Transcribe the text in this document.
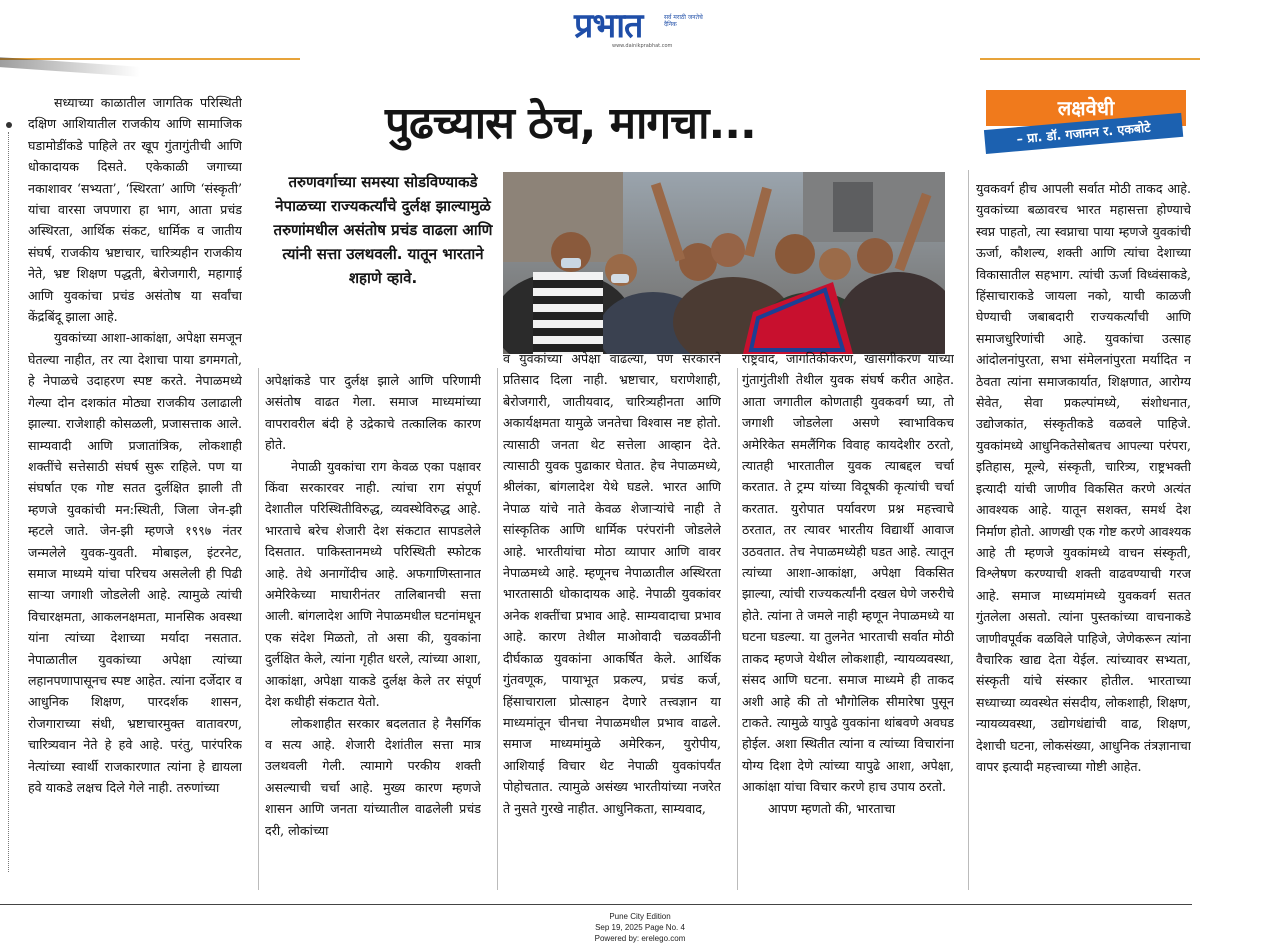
प्रभात	सर्व मराठी जनतेचे दैनिक
www.dainikprabhat.com
पुढच्यास ठेच, मागचा...	लक्षवेधी
– प्रा. डॉ. गजानन र. एकबोटे
तरुणवर्गाच्या समस्या सोडविण्याकडे नेपाळच्या राज्यकर्त्यांचे दुर्लक्ष झाल्यामुळे तरुणांमधील असंतोष प्रचंड वाढला आणि त्यांनी सत्ता उलथवली. यातून भारताने शहाणे व्हावे.

सध्याच्या काळातील जागतिक परिस्थिती दक्षिण आशियातील राजकीय आणि सामाजिक घडामोडींकडे पाहिले तर खूप गुंतागुंतीची आणि धोकादायक दिसते. एकेकाळी जगाच्या नकाशावर ‘सभ्यता’, ‘स्थिरता’ आणि ‘संस्कृती’ यांचा वारसा जपणारा हा भाग, आता प्रचंड अस्थिरता, आर्थिक संकट, धार्मिक व जातीय संघर्ष, राजकीय भ्रष्टाचार, चारित्र्यहीन राजकीय नेते, भ्रष्ट शिक्षण पद्धती, बेरोजगारी, महागाई आणि युवकांचा प्रचंड असंतोष या सर्वांचा केंद्रबिंदू झाला आहे.

युवकांच्या आशा-आकांक्षा, अपेक्षा समजून घेतल्या नाहीत, तर त्या देशाचा पाया डगमगतो, हे नेपाळचे उदाहरण स्पष्ट करते. नेपाळमध्ये गेल्या दोन दशकांत मोठ्या राजकीय उलाढाली झाल्या. राजेशाही कोसळली, प्रजासत्ताक आले. साम्यवादी आणि प्रजातांत्रिक, लोकशाही शक्तींचे सत्तेसाठी संघर्ष सुरू राहिले. पण या संघर्षात एक गोष्ट सतत दुर्लक्षित झाली ती म्हणजे युवकांची मन:स्थिती, जिला जेन-झी म्हटले जाते. जेन-झी म्हणजे १९९७ नंतर जन्मलेले युवक-युवती. मोबाइल, इंटरनेट, समाज माध्यमे यांचा परिचय असलेली ही पिढी साऱ्या जगाशी जोडलेली आहे. त्यामुळे त्यांची विचारक्षमता, आकलनक्षमता, मानसिक अवस्था यांना त्यांच्या देशाच्या मर्यादा नसतात. नेपाळातील युवकांच्या अपेक्षा त्यांच्या लहानपणापासूनच स्पष्ट आहेत. त्यांना दर्जेदार व आधुनिक शिक्षण, पारदर्शक शासन, रोजगाराच्या संधी, भ्रष्टाचारमुक्त वातावरण, चारित्र्यवान नेते हे हवे आहे. परंतु, पारंपरिक नेत्यांच्या स्वार्थी राजकारणात त्यांना हे द्यायला हवे याकडे लक्षच दिले गेले नाही. तरुणांच्या

अपेक्षांकडे पार दुर्लक्ष झाले आणि परिणामी असंतोष वाढत गेला. समाज माध्यमांच्या वापरावरील बंदी हे उद्रेकाचे तत्कालिक कारण होते.

नेपाळी युवकांचा राग केवळ एका पक्षावर किंवा सरकारवर नाही. त्यांचा राग संपूर्ण देशातील परिस्थितीविरुद्ध, व्यवस्थेविरुद्ध आहे. भारताचे बरेच शेजारी देश संकटात सापडलेले दिसतात. पाकिस्तानमध्ये परिस्थिती स्फोटक आहे. तेथे अनागोंदीच आहे. अफगाणिस्तानात अमेरिकेच्या माघारीनंतर तालिबानची सत्ता आली. बांगलादेश आणि नेपाळमधील घटनांमधून एक संदेश मिळतो, तो असा की, युवकांना दुर्लक्षित केले, त्यांना गृहीत धरले, त्यांच्या आशा, आकांक्षा, अपेक्षा याकडे दुर्लक्ष केले तर संपूर्ण देश कधीही संकटात येतो.

लोकशाहीत सरकार बदलतात हे नैसर्गिक व सत्य आहे. शेजारी देशांतील सत्ता मात्र उलथवली गेली. त्यामागे परकीय शक्ती असल्याची चर्चा आहे. मुख्य कारण म्हणजे शासन आणि जनता यांच्यातील वाढलेली प्रचंड दरी, लोकांच्या

व युवकांच्या अपेक्षा वाढल्या, पण सरकारने प्रतिसाद दिला नाही. भ्रष्टाचार, घराणेशाही, बेरोजगारी, जातीयवाद, चारित्र्यहीनता आणि अकार्यक्षमता यामुळे जनतेचा विश्वास नष्ट होतो. त्यासाठी जनता थेट सत्तेला आव्हान देते. त्यासाठी युवक पुढाकार घेतात. हेच नेपाळमध्ये, श्रीलंका, बांगलादेश येथे घडले. भारत आणि नेपाळ यांचे नाते केवळ शेजाऱ्यांचे नाही ते सांस्कृतिक आणि धार्मिक परंपरांनी जोडलेले आहे. भारतीयांचा मोठा व्यापार आणि वावर नेपाळमध्ये आहे. म्हणूनच नेपाळातील अस्थिरता भारतासाठी धोकादायक आहे. नेपाळी युवकांवर अनेक शक्तींचा प्रभाव आहे. साम्यवादाचा प्रभाव आहे. कारण तेथील माओवादी चळवळींनी दीर्घकाळ युवकांना आकर्षित केले. आर्थिक गुंतवणूक, पायाभूत प्रकल्प, प्रचंड कर्ज, हिंसाचाराला प्रोत्साहन देणारे तत्त्वज्ञान या माध्यमांतून चीनचा नेपाळमधील प्रभाव वाढले. समाज माध्यमांमुळे अमेरिकन, युरोपीय, आशियाई विचार थेट नेपाळी युवकांपर्यंत पोहोचतात. त्यामुळे असंख्य भारतीयांच्या नजरेत ते नुसते गुरखे नाहीत. आधुनिकता, साम्यवाद,

राष्ट्रवाद, जागतिकीकरण, खासगीकरण यांच्या गुंतागुंतीशी तेथील युवक संघर्ष करीत आहेत. आता जगातील कोणताही युवकवर्ग घ्या, तो जगाशी जोडलेला असणे स्वाभाविकच अमेरिकेत समलैंगिक विवाह कायदेशीर ठरतो, त्यातही भारतातील युवक त्याबद्दल चर्चा करतात. ते ट्रम्प यांच्या विदूषकी कृत्यांची चर्चा करतात. युरोपात पर्यावरण प्रश्न महत्त्वाचे ठरतात, तर त्यावर भारतीय विद्यार्थी आवाज उठवतात. तेच नेपाळमध्येही घडत आहे. त्यातून त्यांच्या आशा-आकांक्षा, अपेक्षा विकसित झाल्या, त्यांची राज्यकर्त्यांनी दखल घेणे जरुरीचे होते. त्यांना ते जमले नाही म्हणून नेपाळमध्ये या घटना घडल्या. या तुलनेत भारताची सर्वात मोठी ताकद म्हणजे येथील लोकशाही, न्यायव्यवस्था, संसद आणि घटना. समाज माध्यमे ही ताकद अशी आहे की तो भौगोलिक सीमारेषा पुसून टाकते. त्यामुळे यापुढे युवकांना थांबवणे अवघड होईल. अशा स्थितीत त्यांना व त्यांच्या विचारांना योग्य दिशा देणे त्यांच्या यापुढे आशा, अपेक्षा, आकांक्षा यांचा विचार करणे हाच उपाय ठरतो.

आपण म्हणतो की, भारताचा

युवकवर्ग हीच आपली सर्वात मोठी ताकद आहे. युवकांच्या बळावरच भारत महासत्ता होण्याचे स्वप्न पाहतो, त्या स्वप्नाचा पाया म्हणजे युवकांची ऊर्जा, कौशल्य, शक्ती आणि त्यांचा देशाच्या विकासातील सहभाग. त्यांची ऊर्जा विध्वंसाकडे, हिंसाचाराकडे जायला नको, याची काळजी घेण्याची जबाबदारी राज्यकर्त्यांची आणि समाजधुरिणांची आहे. युवकांचा उत्साह आंदोलनांपुरता, सभा संमेलनांपुरता मर्यादित न ठेवता त्यांना समाजकार्यात, शिक्षणात, आरोग्य सेवेत, सेवा प्रकल्पांमध्ये, संशोधनात, उद्योजकांत, संस्कृतीकडे वळवले पाहिजे. युवकांमध्ये आधुनिकतेसोबतच आपल्या परंपरा, इतिहास, मूल्ये, संस्कृती, चारित्र्य, राष्ट्रभक्ती इत्यादी यांची जाणीव विकसित करणे अत्यंत आवश्यक आहे. यातून सशक्त, समर्थ देश निर्माण होतो. आणखी एक गोष्ट करणे आवश्यक आहे ती म्हणजे युवकांमध्ये वाचन संस्कृती, विश्लेषण करण्याची शक्ती वाढवण्याची गरज आहे. समाज माध्यमांमध्ये युवकवर्ग सतत गुंतलेला असतो. त्यांना पुस्तकांच्या वाचनाकडे जाणीवपूर्वक वळविले पाहिजे, जेणेकरून त्यांना वैचारिक खाद्य देता येईल. त्यांच्यावर सभ्यता, संस्कृती यांचे संस्कार होतील. भारताच्या सध्याच्या व्यवस्थेत संसदीय, लोकशाही, शिक्षण, न्यायव्यवस्था, उद्योगधंद्यांची वाढ, शिक्षण, देशाची घटना, लोकसंख्या, आधुनिक तंत्रज्ञानाचा वापर इत्यादी महत्त्वाच्या गोष्टी आहेत.

Pune City Edition
Sep 19, 2025 Page No. 4
Powered by: erelego.com
